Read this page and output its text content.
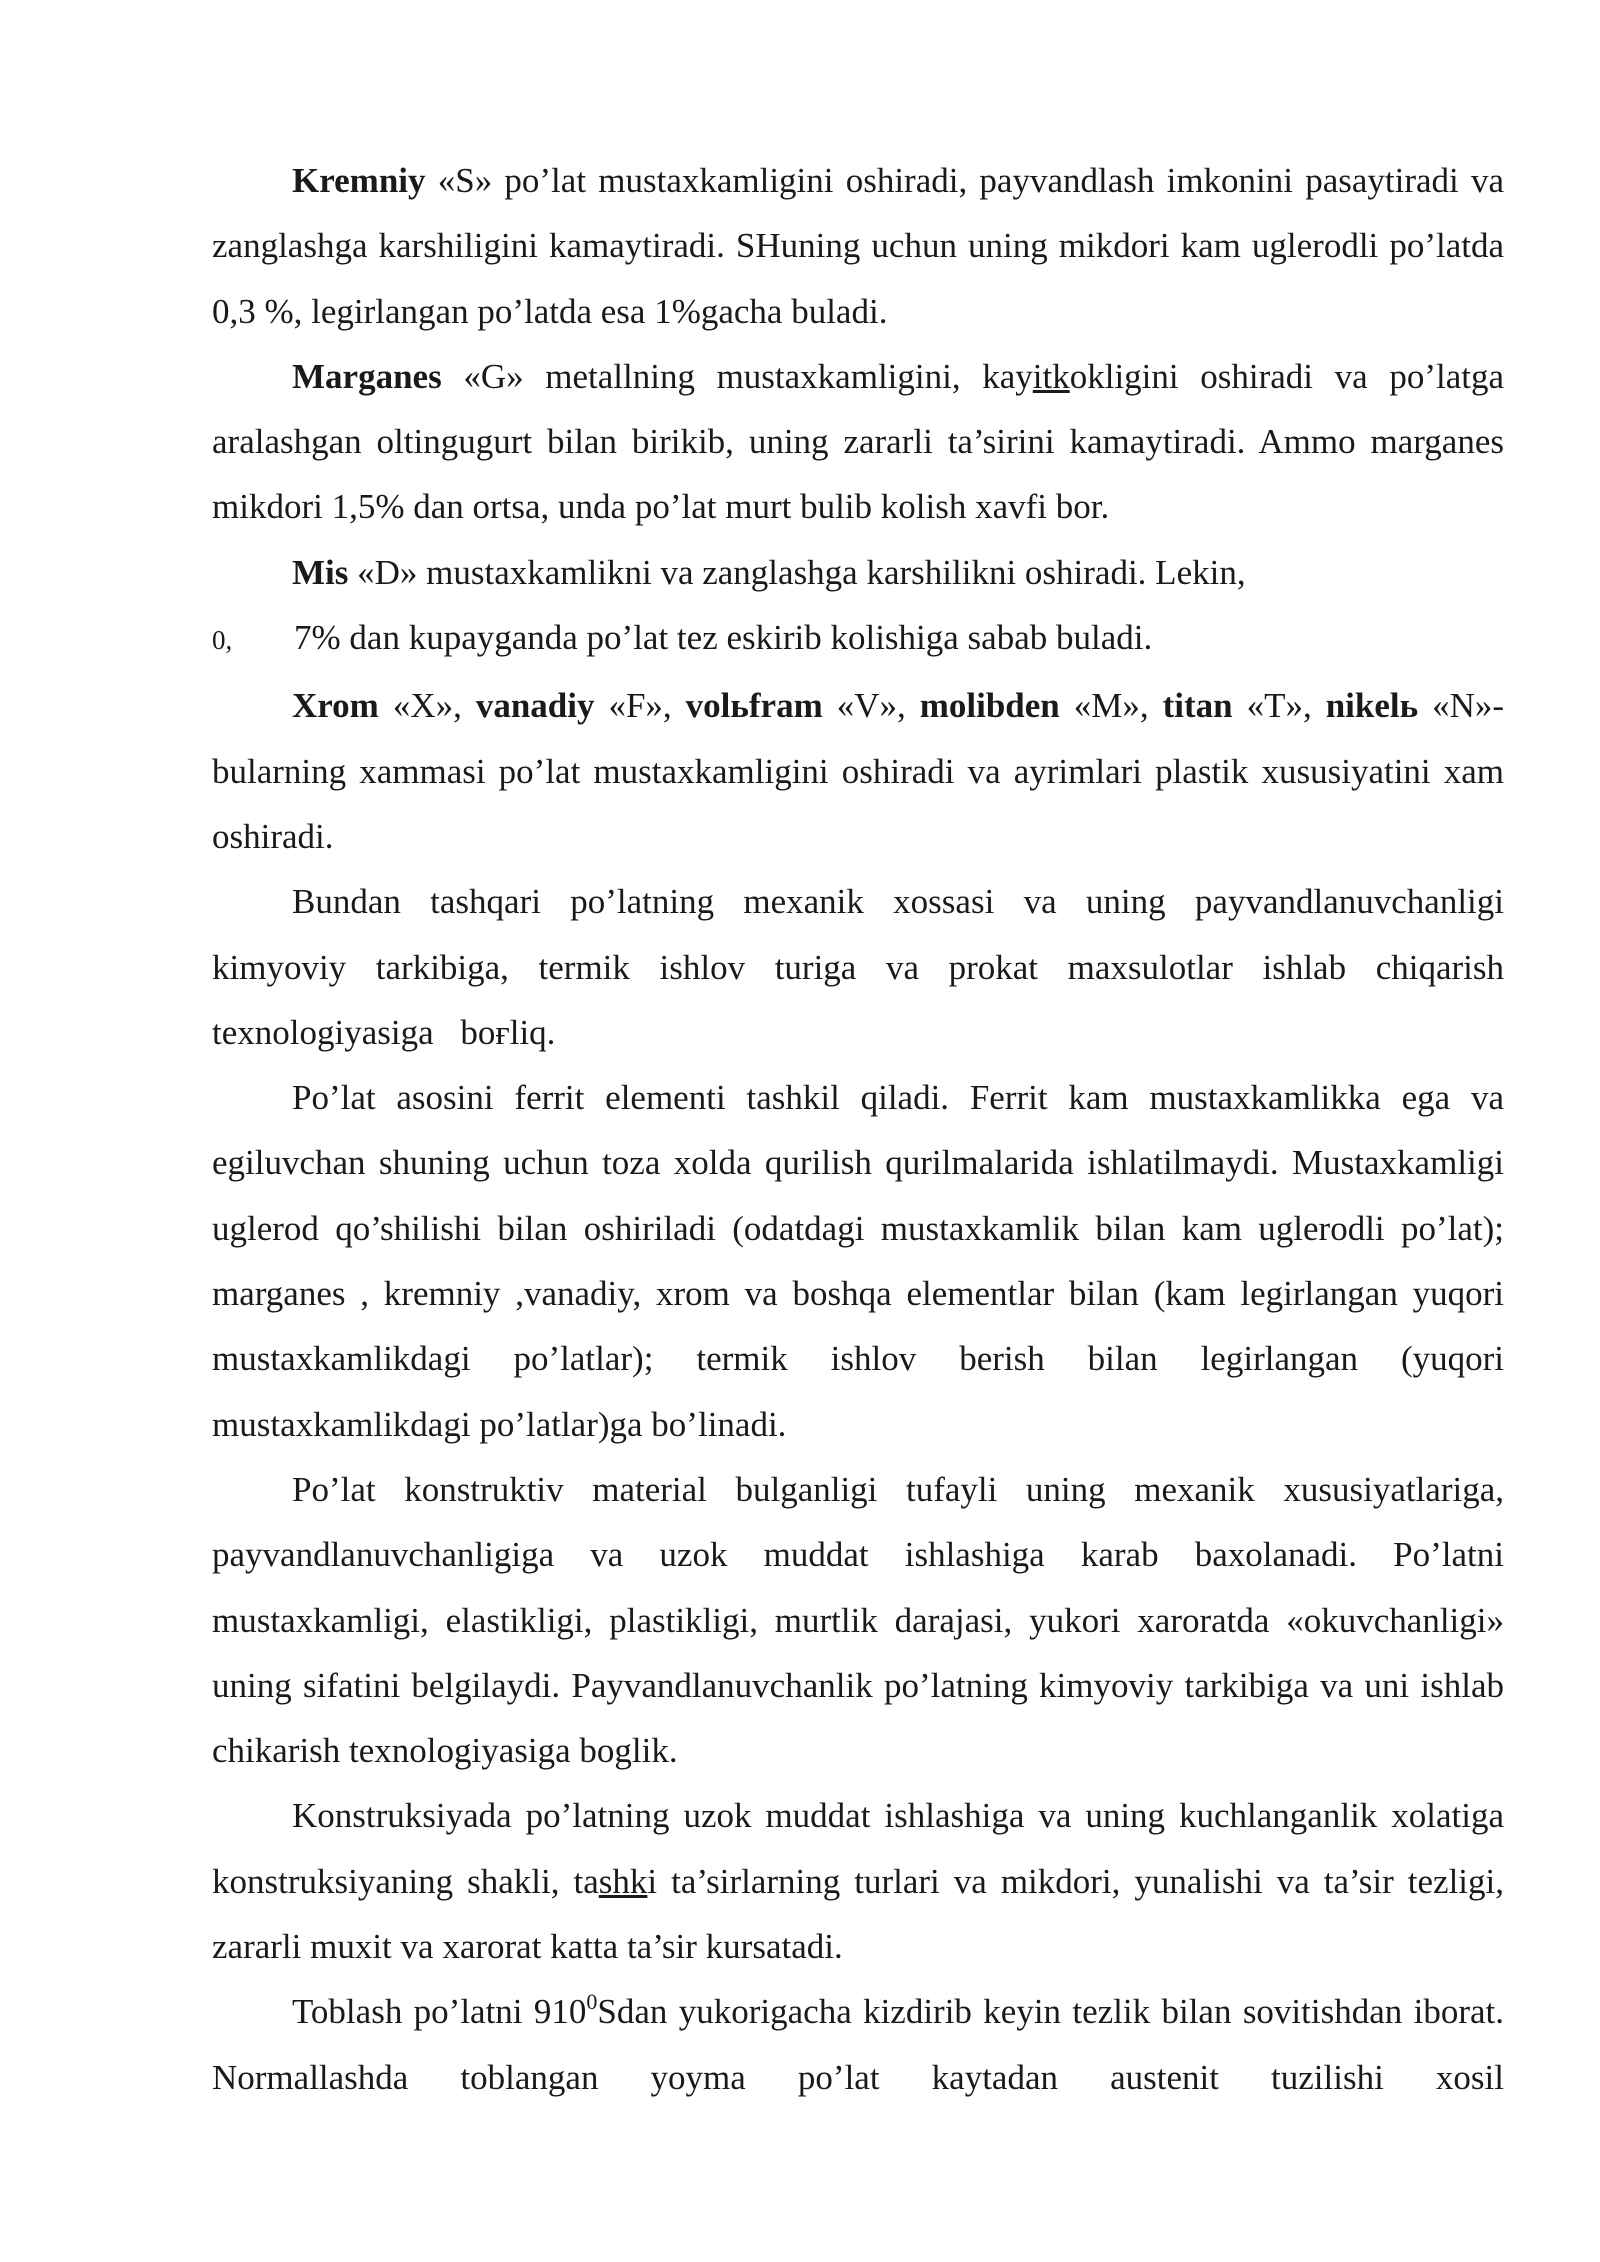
Kremniy «S» po’lat mustaxkamligini oshiradi, payvandlash imkonini pasaytiradi va zanglashga karshiligini kamaytiradi. SHuning uchun uning mikdori kam uglerodli po’latda 0,3 %, legirlangan po’latda esa 1%gacha buladi.

Marganes «G» metallning mustaxkamligini, kayitkokligini oshiradi va po’latga aralashgan oltingugurt bilan birikib, uning zararli ta’sirini kamaytiradi. Ammo marganes mikdori 1,5% dan ortsa, unda po’lat murt bulib kolish xavfi bor.

Mis «D» mustaxkamlikni va zanglashga karshilikni oshiradi. Lekin,

0, 7% dan kupayganda po’lat tez eskirib kolishiga sabab buladi.

Xrom «X», vanadiy «F», volьfram «V», molibden «M», titan «T», nikelь «N»- bularning xammasi po’lat mustaxkamligini oshiradi va ayrimlari plastik xususiyatini xam oshiradi.

Bundan tashqari po’latning mexanik xossasi va uning payvandlanuvchanligi kimyoviy tarkibiga, termik ishlov turiga va prokat maxsulotlar ishlab chiqarish texnologiyasiga boғliq.

Po’lat asosini ferrit elementi tashkil qiladi. Ferrit kam mustaxkamlikka ega va egiluvchan shuning uchun toza xolda qurilish qurilmalarida ishlatilmaydi. Mustaxkamligi uglerod qo’shilishi bilan oshiriladi (odatdagi mustaxkamlik bilan kam uglerodli po’lat); marganes , kremniy ,vanadiy, xrom va boshqa elementlar bilan (kam legirlangan yuqori mustaxkamlikdagi po’latlar); termik ishlov berish bilan legirlangan (yuqori mustaxkamlikdagi po’latlar)ga bo’linadi.

Po’lat konstruktiv material bulganligi tufayli uning mexanik xususiyatlariga, payvandlanuvchanligiga va uzok muddat ishlashiga karab baxolanadi. Po’latni mustaxkamligi, elastikligi, plastikligi, murtlik darajasi, yukori xaroratda «okuvchanligi» uning sifatini belgilaydi. Payvandlanuvchanlik po’latning kimyoviy tarkibiga va uni ishlab chikarish texnologiyasiga boglik.

Konstruksiyada po’latning uzok muddat ishlashiga va uning kuchlanganlik xolatiga konstruksiyaning shakli, tashki ta’sirlarning turlari va mikdori, yunalishi va ta’sir tezligi, zararli muxit va xarorat katta ta’sir kursatadi.

Toblash po’latni $910^0Sdan$ yukorigacha kizdirib keyin tezlik bilan sovitishdan iborat. Normallashda toblangan yoyma po’lat kaytadan austenit tuzilishi xosil
